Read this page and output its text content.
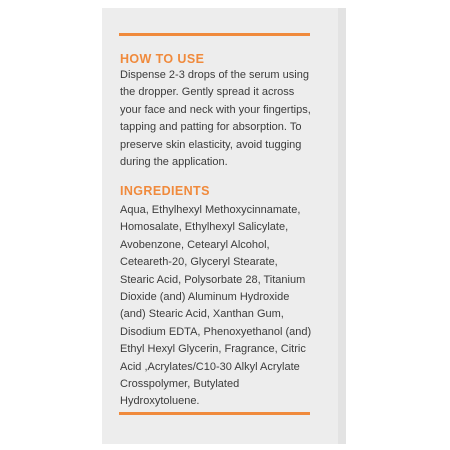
HOW TO USE

Dispense 2-3 drops of the serum using
the dropper. Gently spread it across
your face and neck with your fingertips,
tapping and patting for absorption. To
preserve skin elasticity, avoid tugging
during the application.

INGREDIENTS

Aqua, Ethylhexyl Methoxycinnamate,
Homosalate, Ethylhexyl Salicylate,
Avobenzone, Cetearyl Alcohol,
Ceteareth-20, Glyceryl Stearate,
Stearic Acid, Polysorbate 28, Titanium
Dioxide (and) Aluminum Hydroxide
(and) Stearic Acid, Xanthan Gum,
Disodium EDTA, Phenoxyethanol (and)
Ethyl Hexyl Glycerin, Fragrance, Citric
Acid ,Acrylates/C10-30 Alkyl Acrylate
Crosspolymer, Butylated
Hydroxytoluene.
